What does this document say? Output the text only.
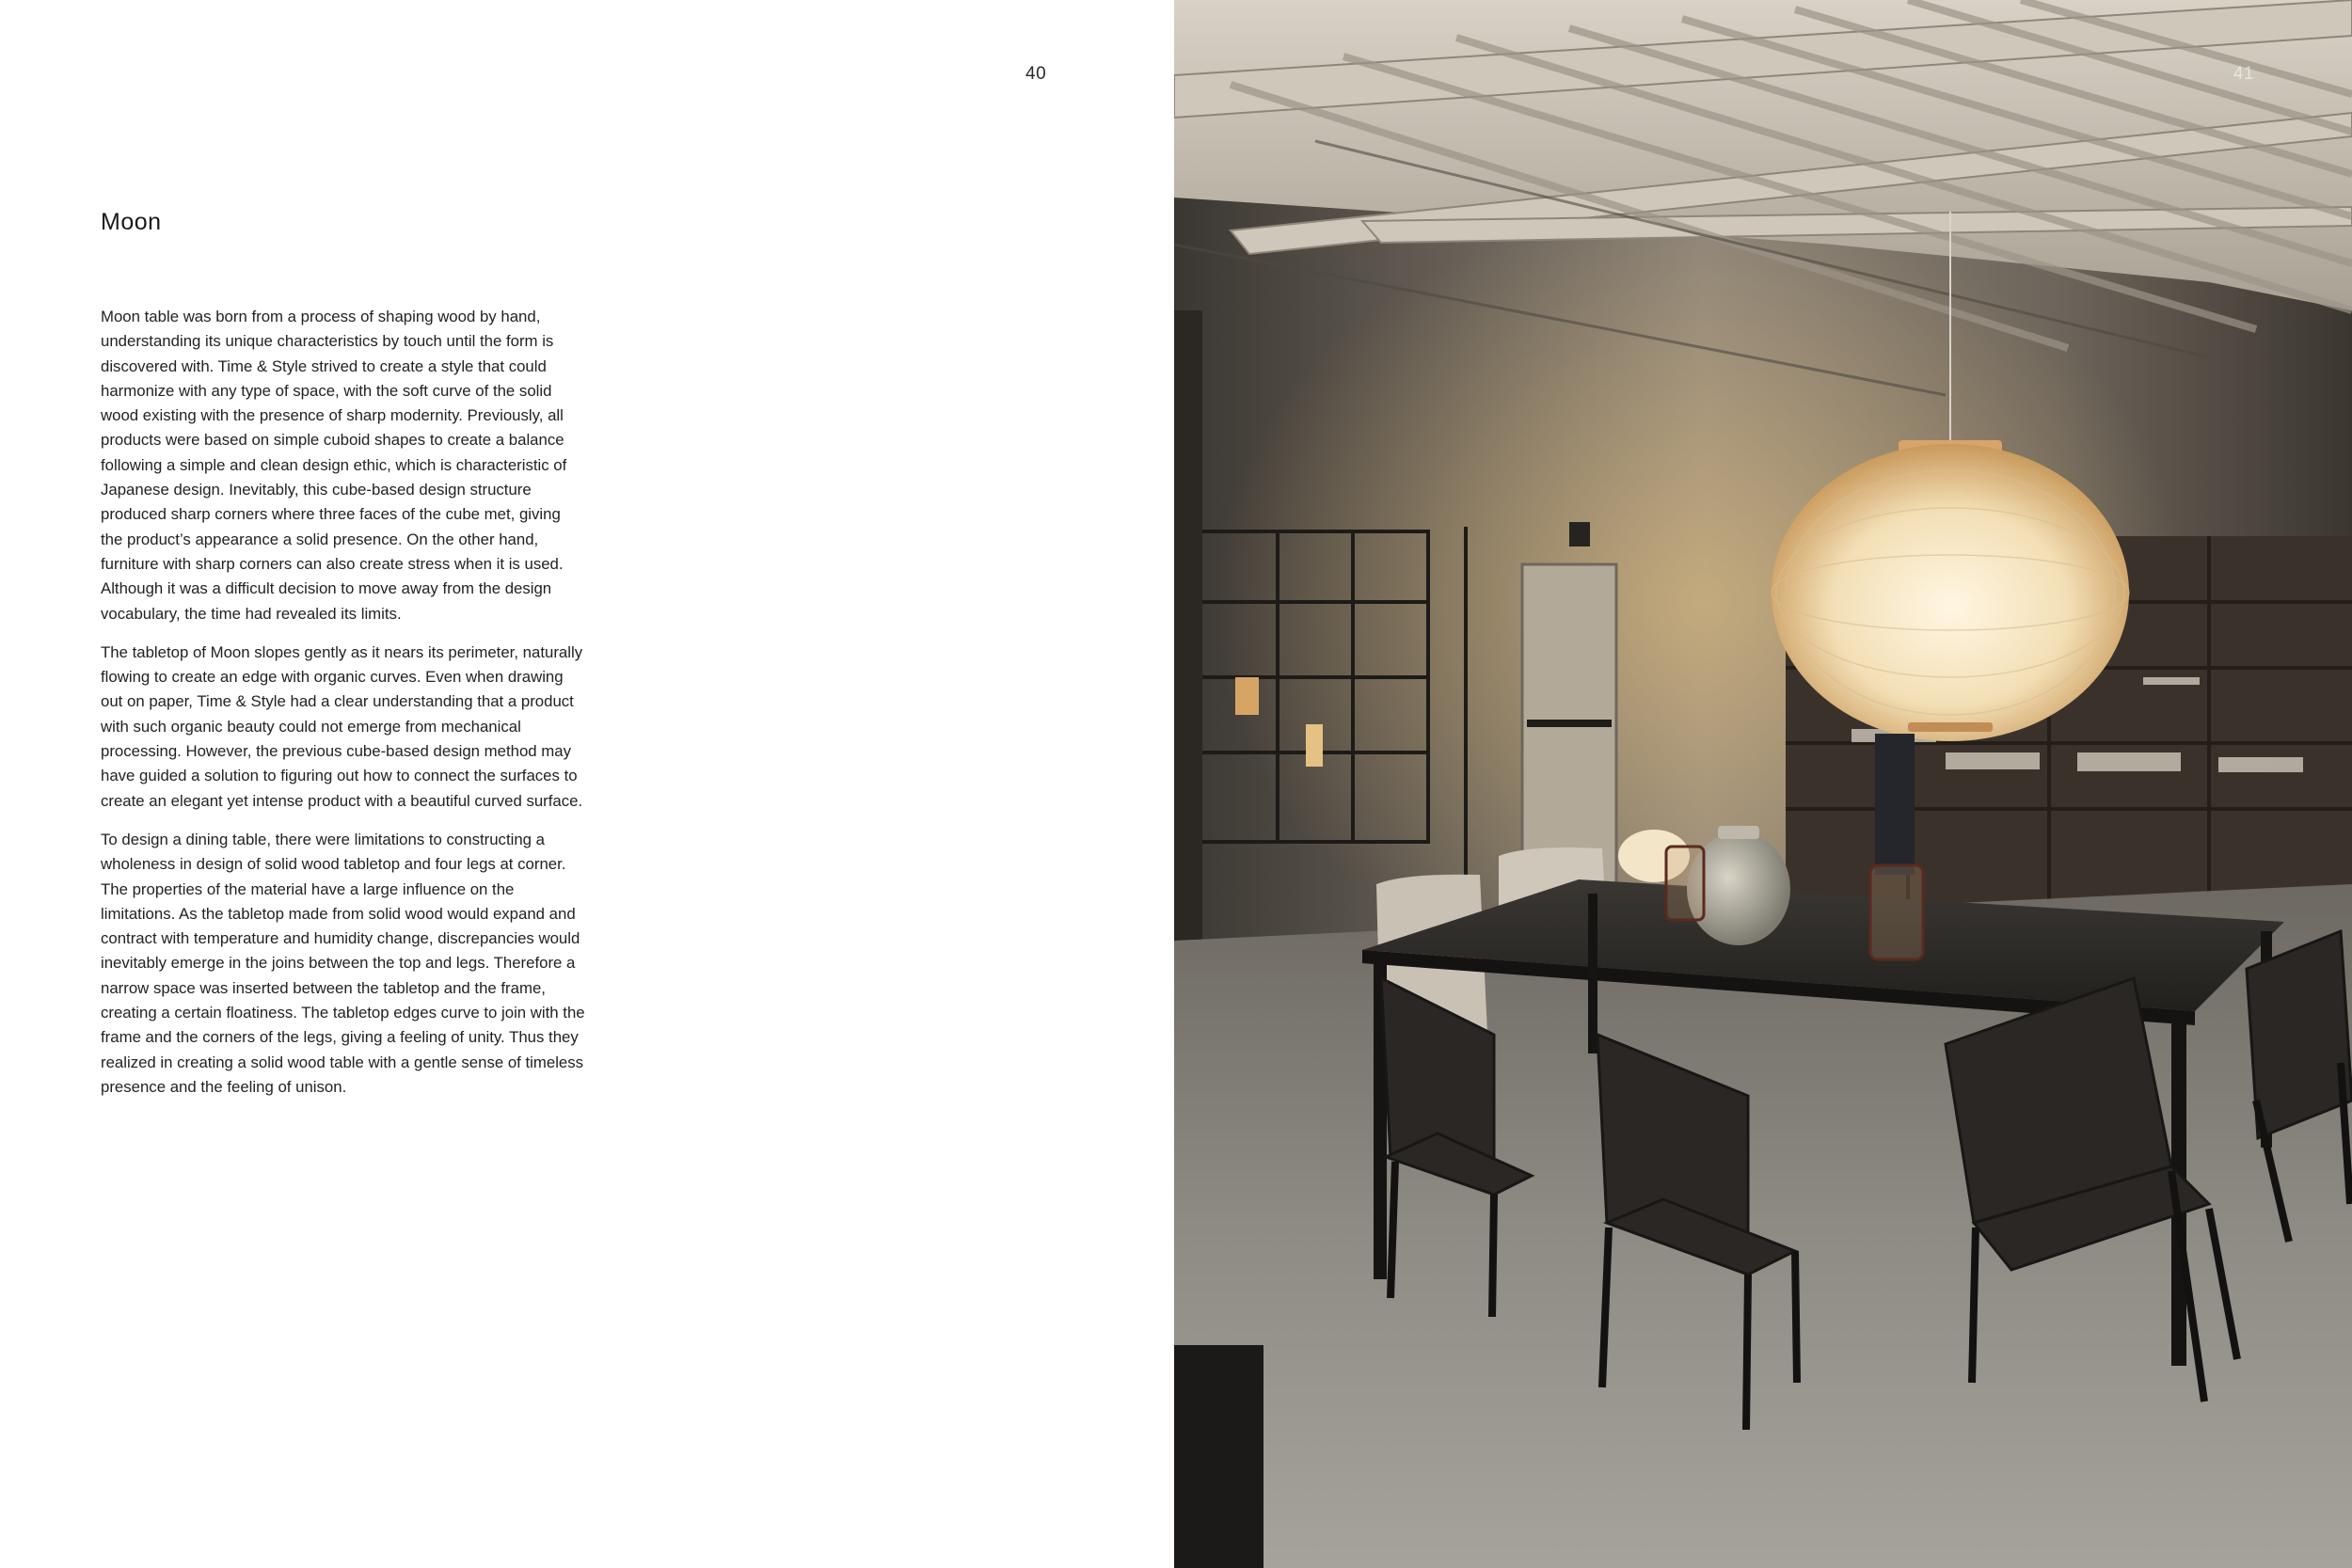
40
Moon

Moon table was born from a process of shaping wood by hand, understanding its unique characteristics by touch until the form is discovered with. Time & Style strived to create a style that could harmonize with any type of space, with the soft curve of the solid wood existing with the presence of sharp modernity. Previously, all products were based on simple cuboid shapes to create a balance following a simple and clean design ethic, which is characteristic of Japanese design. Inevitably, this cube-based design structure produced sharp corners where three faces of the cube met, giving the product’s appearance a solid presence. On the other hand, furniture with sharp corners can also create stress when it is used. Although it was a difficult decision to move away from the design vocabulary, the time had revealed its limits.

The tabletop of Moon slopes gently as it nears its perimeter, naturally flowing to create an edge with organic curves. Even when drawing out on paper, Time & Style had a clear understanding that a product with such organic beauty could not emerge from mechanical processing. However, the previous cube-based design method may have guided a solution to figuring out how to connect the surfaces to create an elegant yet intense product with a beautiful curved surface.

To design a dining table, there were limitations to constructing a wholeness in design of solid wood tabletop and four legs at corner. The properties of the material have a large influence on the limitations. As the tabletop made from solid wood would expand and contract with temperature and humidity change, discrepancies would inevitably emerge in the joins between the top and legs. Therefore a narrow space was inserted between the tabletop and the frame, creating a certain floatiness. The tabletop edges curve to join with the frame and the corners of the legs, giving a feeling of unity. Thus they realized in creating a solid wood table with a gentle sense of timeless presence and the feeling of unison.

41
